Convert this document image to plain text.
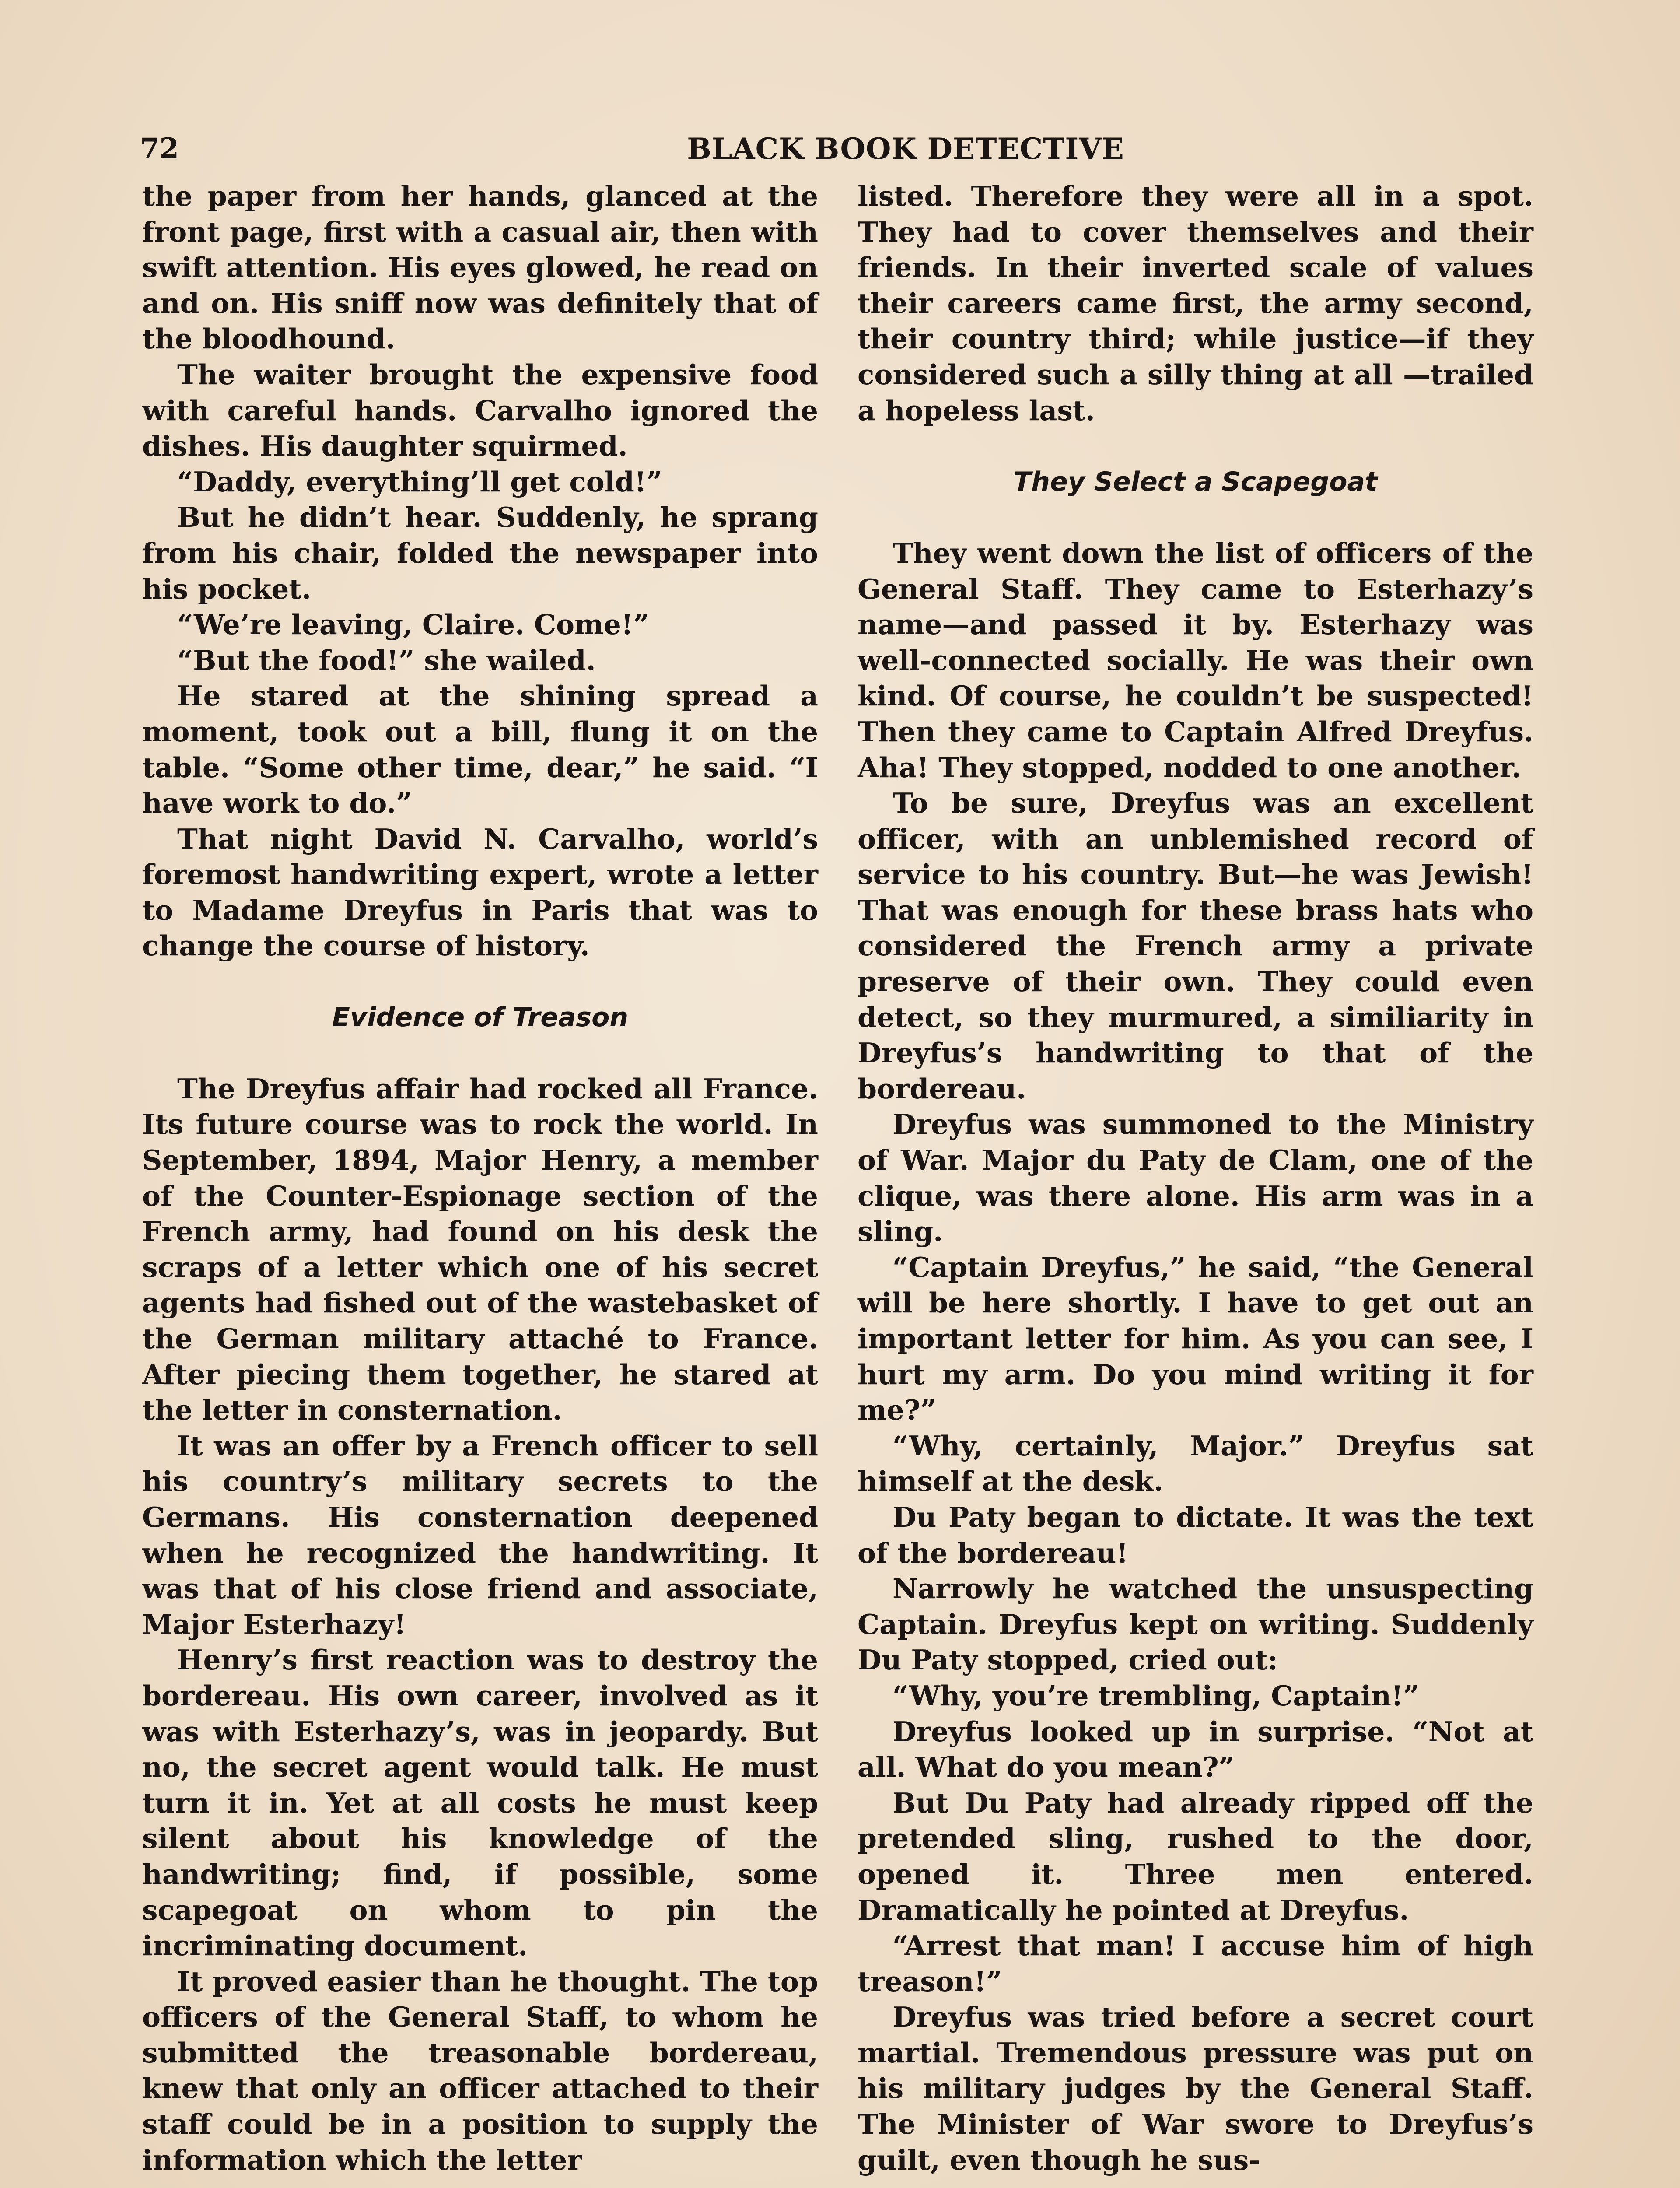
72	BLACK BOOK DETECTIVE

the paper from her hands, glanced at the front page, first with a casual air, then with swift attention. His eyes glowed, he read on and on. His sniff now was definitely that of the bloodhound.

The waiter brought the expensive food with careful hands. Carvalho ignored the dishes. His daughter squirmed.

“Daddy, everything’ll get cold!”

But he didn’t hear. Suddenly, he sprang from his chair, folded the newspaper into his pocket.

“We’re leaving, Claire. Come!”

“But the food!” she wailed.

He stared at the shining spread a moment, took out a bill, flung it on the table. “Some other time, dear,” he said. “I have work to do.”

That night David N. Carvalho, world’s foremost handwriting expert, wrote a letter to Madame Dreyfus in Paris that was to change the course of history.

Evidence of Treason

The Dreyfus affair had rocked all France. Its future course was to rock the world. In September, 1894, Major Henry, a member of the Counter-Espionage section of the French army, had found on his desk the scraps of a letter which one of his secret agents had fished out of the wastebasket of the German military attaché to France. After piecing them together, he stared at the letter in consternation.

It was an offer by a French officer to sell his country’s military secrets to the Germans. His consternation deepened when he recognized the handwriting. It was that of his close friend and associate, Major Esterhazy!

Henry’s first reaction was to destroy the bordereau. His own career, involved as it was with Esterhazy’s, was in jeopardy. But no, the secret agent would talk. He must turn it in. Yet at all costs he must keep silent about his knowledge of the handwriting; find, if possible, some scapegoat on whom to pin the incriminating document.

It proved easier than he thought. The top officers of the General Staff, to whom he submitted the treasonable bordereau, knew that only an officer attached to their staff could be in a position to supply the information which the letter

listed. Therefore they were all in a spot. They had to cover themselves and their friends. In their inverted scale of values their careers came first, the army second, their country third; while justice—if they considered such a silly thing at all —trailed a hopeless last.

They Select a Scapegoat

They went down the list of officers of the General Staff. They came to Esterhazy’s name—and passed it by. Esterhazy was well-connected socially. He was their own kind. Of course, he couldn’t be suspected! Then they came to Captain Alfred Dreyfus. Aha! They stopped, nodded to one another.

To be sure, Dreyfus was an excellent officer, with an unblemished record of service to his country. But—he was Jewish! That was enough for these brass hats who considered the French army a private preserve of their own. They could even detect, so they murmured, a similiarity in Dreyfus’s handwriting to that of the bordereau.

Dreyfus was summoned to the Ministry of War. Major du Paty de Clam, one of the clique, was there alone. His arm was in a sling.

“Captain Dreyfus,” he said, “the General will be here shortly. I have to get out an important letter for him. As you can see, I hurt my arm. Do you mind writing it for me?”

“Why, certainly, Major.” Dreyfus sat himself at the desk.

Du Paty began to dictate. It was the text of the bordereau!

Narrowly he watched the unsuspecting Captain. Dreyfus kept on writing. Suddenly Du Paty stopped, cried out:

“Why, you’re trembling, Captain!”

Dreyfus looked up in surprise. “Not at all. What do you mean?”

But Du Paty had already ripped off the pretended sling, rushed to the door, opened it. Three men entered. Dramatically he pointed at Dreyfus.

“Arrest that man! I accuse him of high treason!”

Dreyfus was tried before a secret court martial. Tremendous pressure was put on his military judges by the General Staff. The Minister of War swore to Dreyfus’s guilt, even though he sus-
